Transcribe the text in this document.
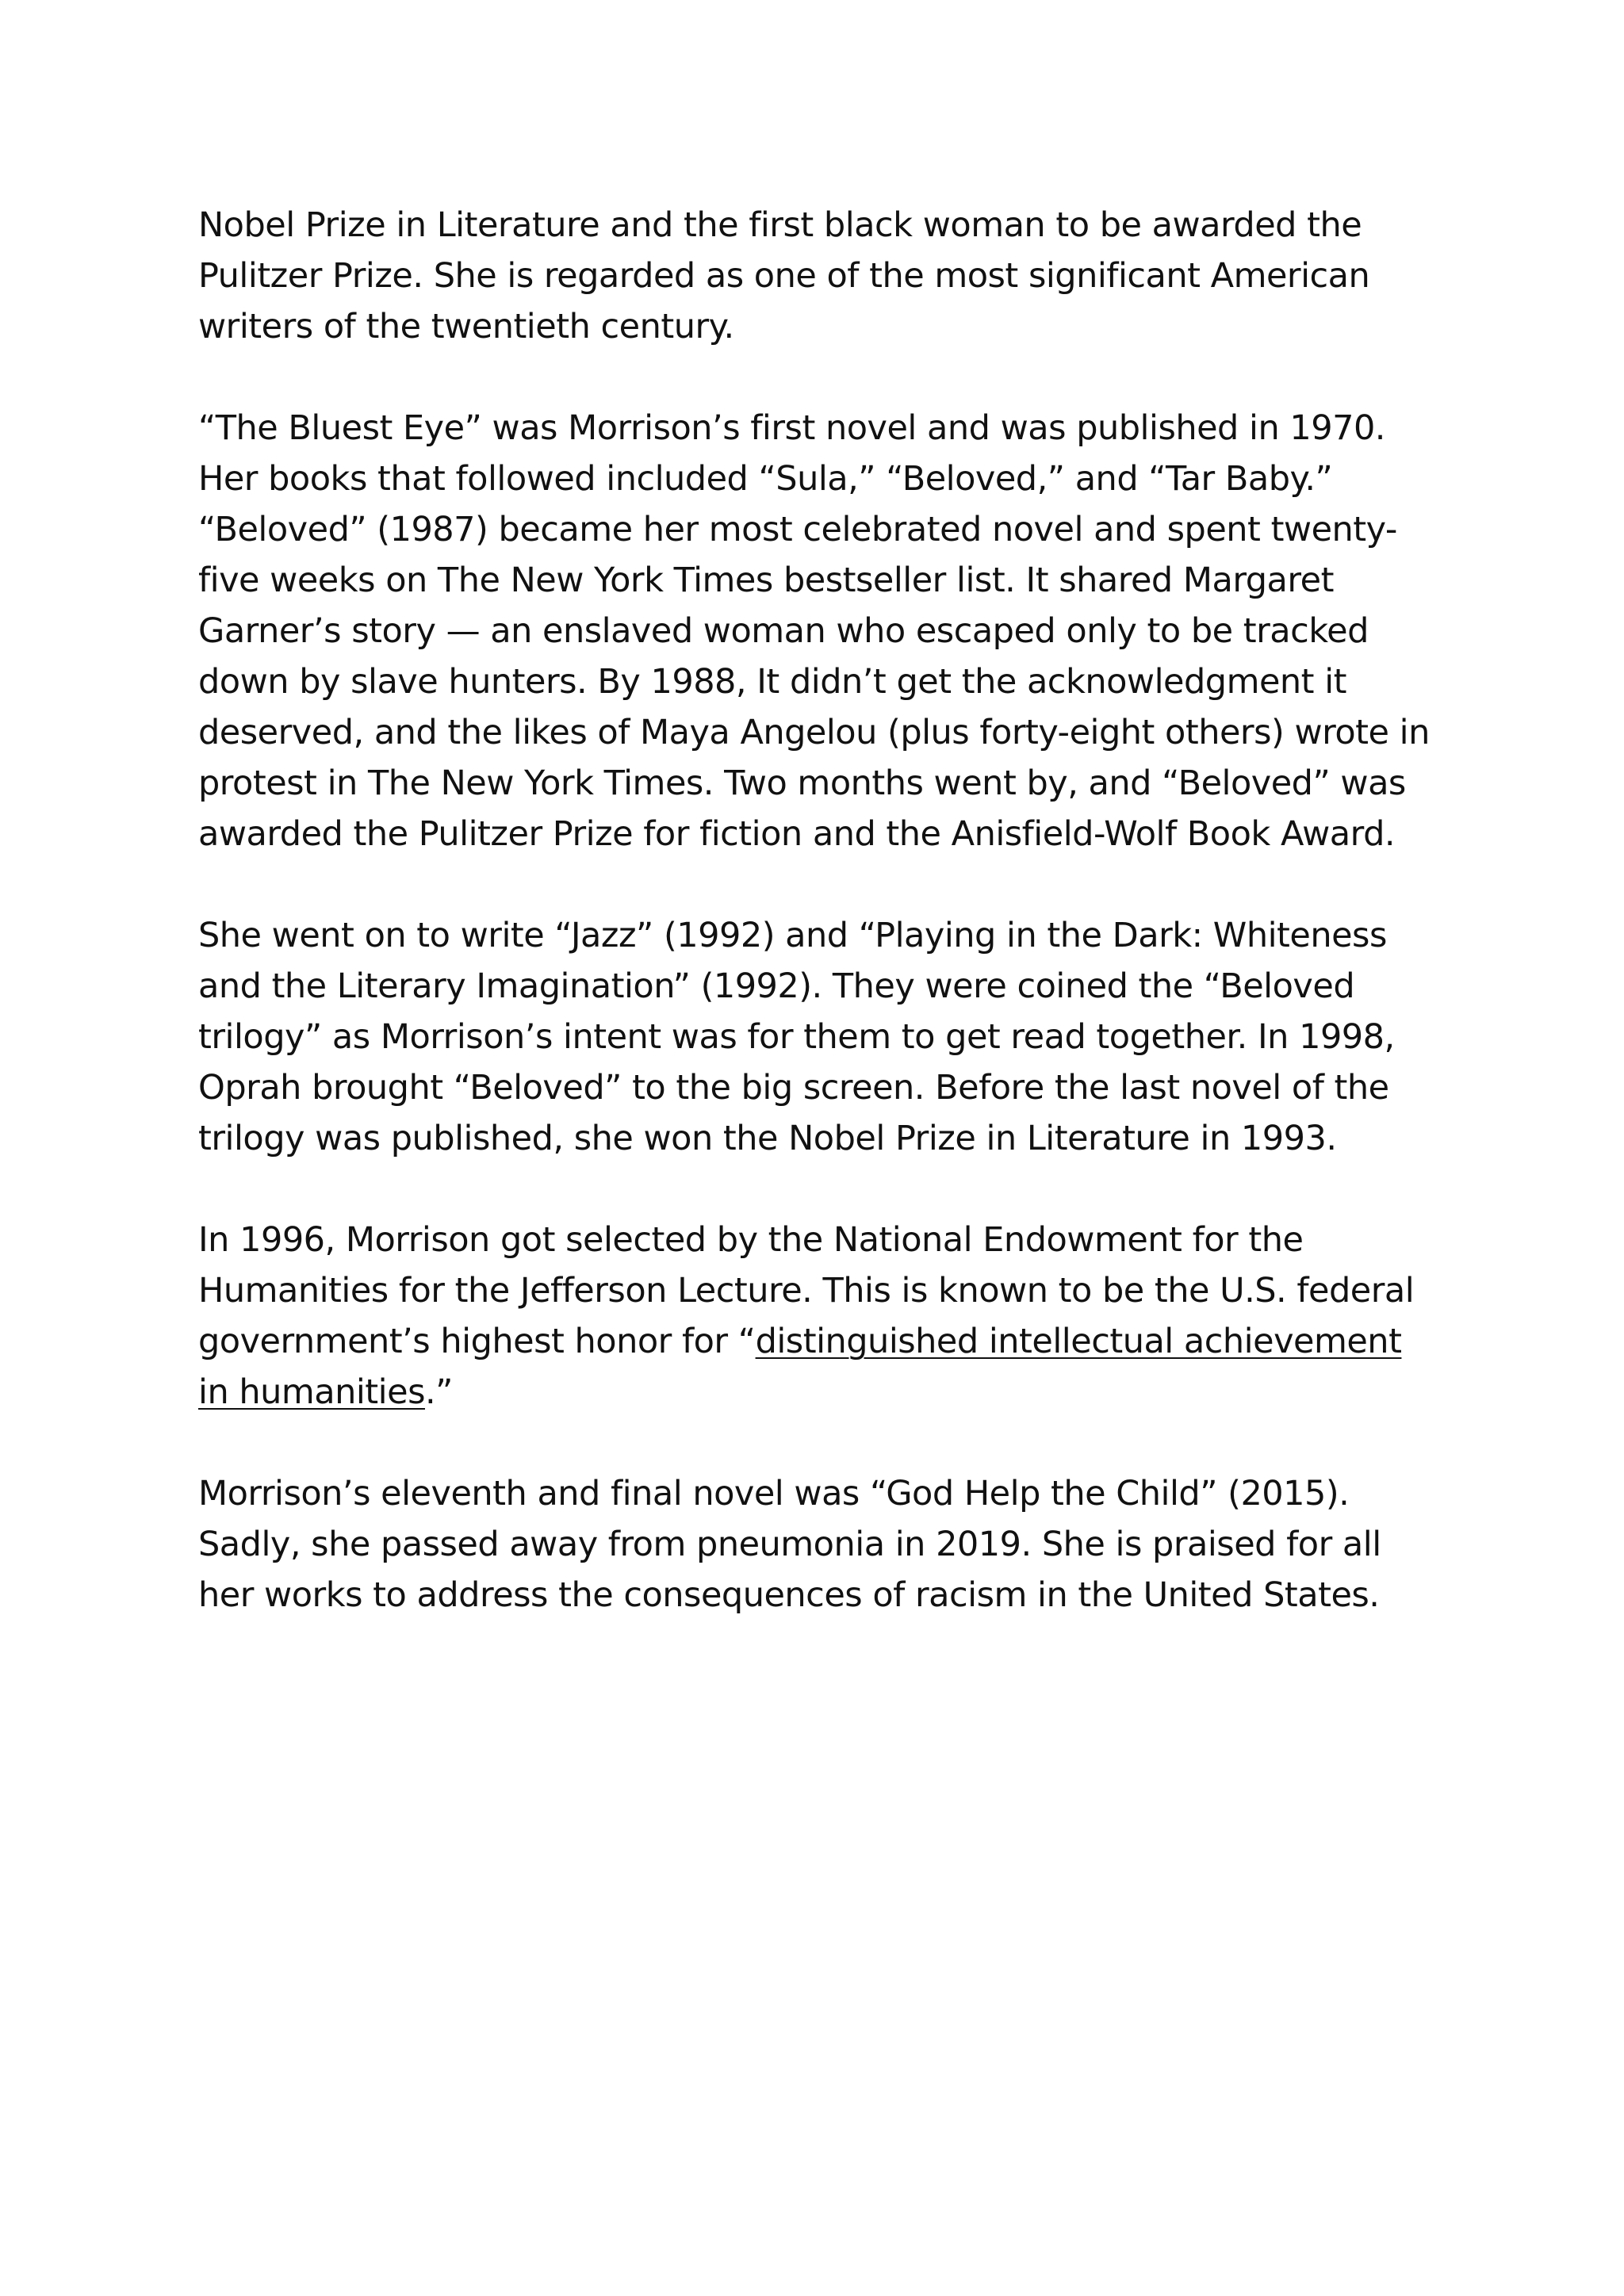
Nobel Prize in Literature and the first black woman to be awarded the Pulitzer Prize. She is regarded as one of the most significant American writers of the twentieth century.

“The Bluest Eye” was Morrison’s first novel and was published in 1970. Her books that followed included “Sula,” “Beloved,” and “Tar Baby.” “Beloved” (1987) became her most celebrated novel and spent twenty-five weeks on The New York Times bestseller list. It shared Margaret Garner’s story — an enslaved woman who escaped only to be tracked down by slave hunters. By 1988, It didn’t get the acknowledgment it deserved, and the likes of Maya Angelou (plus forty-eight others) wrote in protest in The New York Times. Two months went by, and “Beloved” was awarded the Pulitzer Prize for fiction and the Anisfield-Wolf Book Award.

She went on to write “Jazz” (1992) and “Playing in the Dark: Whiteness and the Literary Imagination” (1992). They were coined the “Beloved trilogy” as Morrison’s intent was for them to get read together. In 1998, Oprah brought “Beloved” to the big screen. Before the last novel of the trilogy was published, she won the Nobel Prize in Literature in 1993.

In 1996, Morrison got selected by the National Endowment for the Humanities for the Jefferson Lecture. This is known to be the U.S. federal government’s highest honor for “distinguished intellectual achievement in humanities.”

Morrison’s eleventh and final novel was “God Help the Child” (2015). Sadly, she passed away from pneumonia in 2019. She is praised for all her works to address the consequences of racism in the United States.
